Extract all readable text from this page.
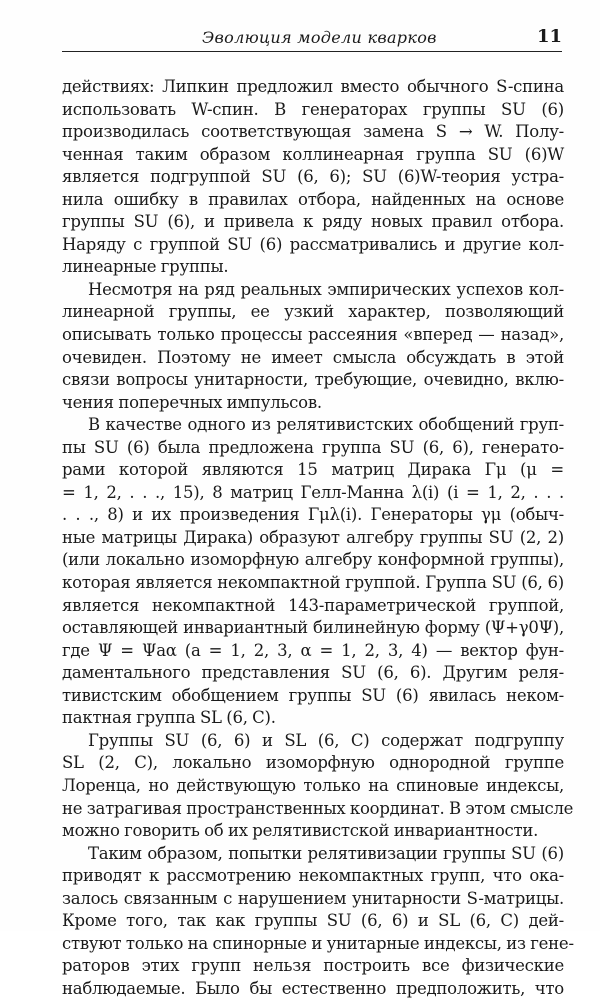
Эволюция модели кварков	11
действиях: Липкин предложил вместо обычного S-спина
использовать W-спин. В генераторах группы SU (6)
производилась соответствующая замена S → W. Полу-
ченная таким образом коллинеарная группа SU (6)W
является подгруппой SU (6, 6); SU (6)W-теория устра-
нила ошибку в правилах отбора, найденных на основе
группы SU (6), и привела к ряду новых правил отбора.
Наряду с группой SU (6) рассматривались и другие кол-
линеарные группы.
Несмотря на ряд реальных эмпирических успехов кол-
линеарной группы, ее узкий характер, позволяющий
описывать только процессы рассеяния «вперед — назад»,
очевиден. Поэтому не имеет смысла обсуждать в этой
связи вопросы унитарности, требующие, очевидно, вклю-
чения поперечных импульсов.
В качестве одного из релятивистских обобщений груп-
пы SU (6) была предложена группа SU (6, 6), генерато-
рами которой являются 15 матриц Дирака Γμ (μ =
= 1, 2, . . ., 15), 8 матриц Гелл-Манна λ(i) (i = 1, 2, . . .
. . ., 8) и их произведения Γμλ(i). Генераторы γμ (обыч-
ные матрицы Дирака) образуют алгебру группы SU (2, 2)
(или локально изоморфную алгебру конформной группы),
которая является некомпактной группой. Группа SU (6, 6)
является некомпактной 143-параметрической группой,
оставляющей инвариантный билинейную форму (Ψ+γ0Ψ),
где Ψ = Ψaα (a = 1, 2, 3, α = 1, 2, 3, 4) — вектор фун-
даментального представления SU (6, 6). Другим реля-
тивистским обобщением группы SU (6) явилась неком-
пактная группа SL (6, C).
Группы SU (6, 6) и SL (6, C) содержат подгруппу
SL (2, C), локально изоморфную однородной группе
Лоренца, но действующую только на спиновые индексы,
не затрагивая пространственных координат. В этом смысле
можно говорить об их релятивистской инвариантности.
Таким образом, попытки релятивизации группы SU (6)
приводят к рассмотрению некомпактных групп, что ока-
залось связанным с нарушением унитарности S-матрицы.
Кроме того, так как группы SU (6, 6) и SL (6, C) дей-
ствуют только на спинорные и унитарные индексы, из гене-
раторов этих групп нельзя построить все физические
наблюдаемые. Было бы естественно предположить, что
